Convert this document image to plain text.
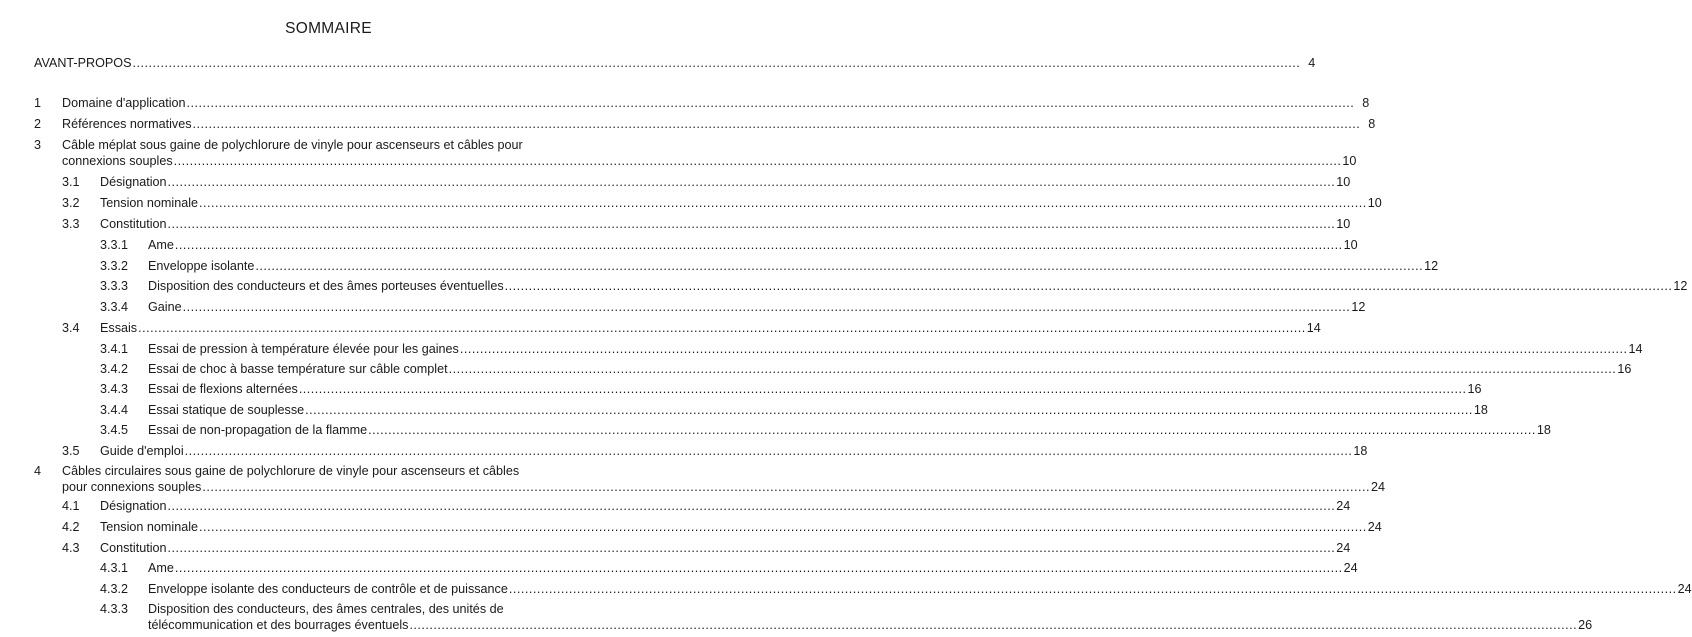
SOMMAIRE
AVANT-PROPOS .....	4
1 Domaine d'application .....	8
2 Références normatives .....	8
3 Câble méplat sous gaine de polychlorure de vinyle pour ascenseurs et câbles pour
connexions souples .....	10
3.1 Désignation .....	10
3.2 Tension nominale .....	10
3.3 Constitution .....	10
3.3.1 Ame .....	10
3.3.2 Enveloppe isolante .....	12
3.3.3 Disposition des conducteurs et des âmes porteuses éventuelles .....	12
3.3.4 Gaine .....	12
3.4 Essais .....	14
3.4.1 Essai de pression à température élevée pour les gaines .....	14
3.4.2 Essai de choc à basse température sur câble complet .....	16
3.4.3 Essai de flexions alternées .....	16
3.4.4 Essai statique de souplesse .....	18
3.4.5 Essai de non-propagation de la flamme .....	18
3.5 Guide d'emploi .....	18
4 Câbles circulaires sous gaine de polychlorure de vinyle pour ascenseurs et câbles
pour connexions souples .....	24
4.1 Désignation .....	24
4.2 Tension nominale .....	24
4.3 Constitution .....	24
4.3.1 Ame .....	24
4.3.2 Enveloppe isolante des conducteurs de contrôle et de puissance .....	24
4.3.3 Disposition des conducteurs, des âmes centrales, des unités de
télécommunication et des bourrages éventuels .....	26
